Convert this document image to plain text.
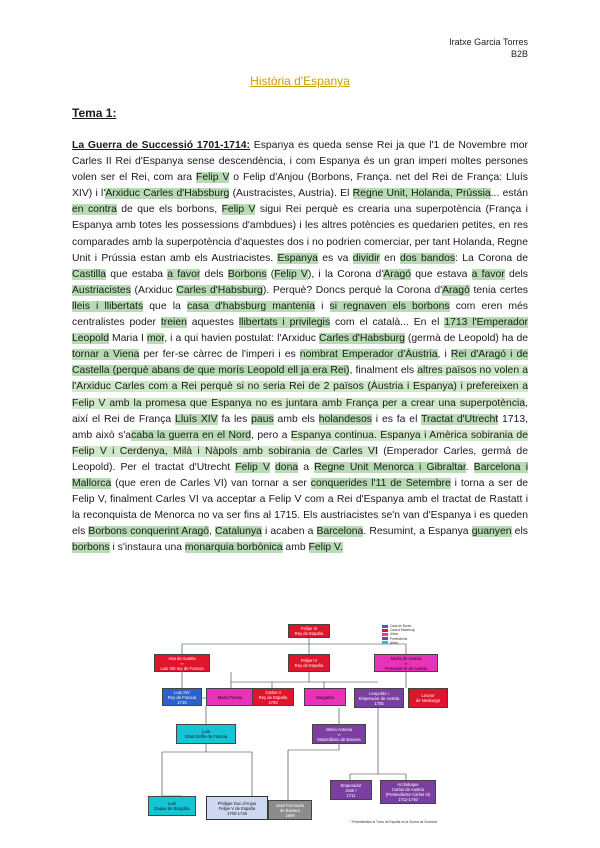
Iratxe Garcia Torres
B2B
Història d'Espanya
Tema 1:
La Guerra de Successió 1701-1714: Espanya es queda sense Rei ja que l'1 de Novembre mor Carles II Rei d'Espanya sense descendència, i com Espanya és un gran imperi moltes persones volen ser el Rei, com ara Felip V o Felip d'Anjou (Borbons, França. net del Rei de França: Lluís XIV) i l'Arxiduc Carles d'Habsburg (Austracistes, Austria). El Regne Unit, Holanda, Prússia... están en contra de que els borbons, Felip V sigui Rei perquè es crearia una superpotència (França i Espanya amb totes les possessions d'ambdues) i les altres potències es quedarien petites, en res comparades amb la superpotència d'aquestes dos i no podrien comerciar, per tant Holanda, Regne Unit i Prússia estan amb els Austriacistes. Espanya es va dividir en dos bandos: La Corona de Castilla que estaba a favor dels Borbons (Felip V), i la Corona d'Aragó que estava a favor dels Austriacistes (Arxiduc Carles d'Habsburg). Perquè? Doncs perquè la Corona d'Aragó tenia certes lleis i llibertats que la casa d'habsburg mantenia i si regnaven els borbons com eren més centralistes poder treien aquestes llibertats i privilegis com el català... En el 1713 l'Emperador Leopold Maria I mor, i a qui havien postulat: l'Arxiduc Carles d'Habsburg (germà de Leopold) ha de tornar a Viena per fer-se càrrec de l'imperi i es nombrat Emperador d'Àustria, i Rei d'Aragó i de Castella (perquè abans de que morís Leopold ell ja era Rei), finalment els altres països no volen a l'Arxiduc Carles com a Rei perquè si no seria Rei de 2 països (Àustria i Espanya) i prefereixen a Felip V amb la promesa que Espanya no es juntara amb França per a crear una superpotència, així el Rei de França Lluís XIV fa les paus amb els holandesos i es fa el Tractat d'Utrecht 1713, amb això s'acaba la guerra en el Nord, pero a Espanya continua. Espanya i Amèrica sobirania de Felip V i Cerdenya, Milà i Nàpols amb sobirania de Carles VI (Emperador Carles, germà de Leopold). Per el tractat d'Utrecht Felip V dona a Regne Unit Menorca i Gibraltar. Barcelona i Mallorca (que eren de Carles VI) van tornar a ser conquerides l'11 de Setembre i torna a ser de Felip V, finalment Carles VI va acceptar a Felip V com a Rei d'Espanya amb el tractat de Rastatt i la reconquista de Menorca no va ser fins al 1715. Els austriacistes se'n van d'Espanya i es queden els Borbons conquerint Aragó, Catalunya i acaben a Barcelona. Resumint, a Espanya guanyen els borbons i s'instaura una monarquia borbònica amb Felip V.
Casa de Borbó
Casa d'Habsburg
Altres
Pretendents
Altres
Felipe III
Rey de España
Ana de Austria
∞
Luis XIII rey de Francia
Felipe IV
Rey de España
María de Austria
∞
Fernando III de Austria
Luis XIV
Rey de Francia
1715
María Teresa
Carlos II
Rey de España
1700
Margarita
Leopoldo I
Emperador de Austria
1705
Leonor
de Neoburgo
Luis
Gran Delfín de Francia
María Antonia
∞
Maximiliano de Baviera
Luis
Duque de Borgoña
Philippe Duc d'Anjou
Felipe V de España
1700-1746
José Fernando
de Baviera
1699
Emperador
José I
1711
Archiduque
Carlos de Austria
(Pretendiente Carlos III)
1711-1740
* Pretendientes al Trono de España en la Guerra de Sucesión
